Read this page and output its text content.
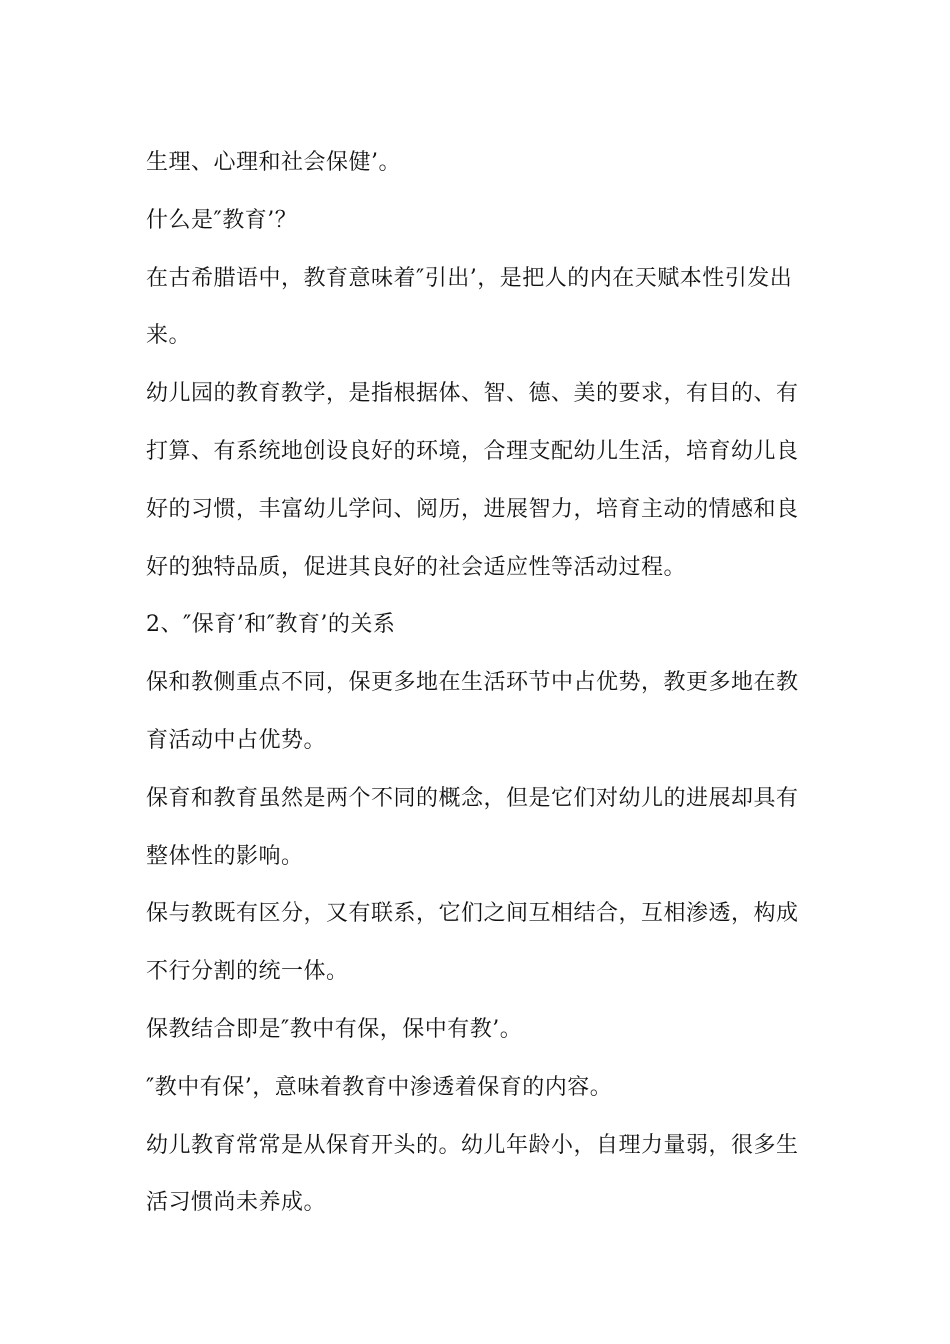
生理、心理和社会保健’。
什么是″教育’？
在古希腊语中，教育意味着″引出’，是把人的内在天赋本性引发出
来。
幼儿园的教育教学，是指根据体、智、德、美的要求，有目的、有
打算、有系统地创设良好的环境，合理支配幼儿生活，培育幼儿良
好的习惯，丰富幼儿学问、阅历，进展智力，培育主动的情感和良
好的独特品质，促进其良好的社会适应性等活动过程。
2、″保育’和″教育’的关系
保和教侧重点不同，保更多地在生活环节中占优势，教更多地在教
育活动中占优势。
保育和教育虽然是两个不同的概念，但是它们对幼儿的进展却具有
整体性的影响。
保与教既有区分，又有联系，它们之间互相结合，互相渗透，构成
不行分割的统一体。
保教结合即是″教中有保，保中有教’。
″教中有保’，意味着教育中渗透着保育的内容。
幼儿教育常常是从保育开头的。幼儿年龄小，自理力量弱，很多生
活习惯尚未养成。
